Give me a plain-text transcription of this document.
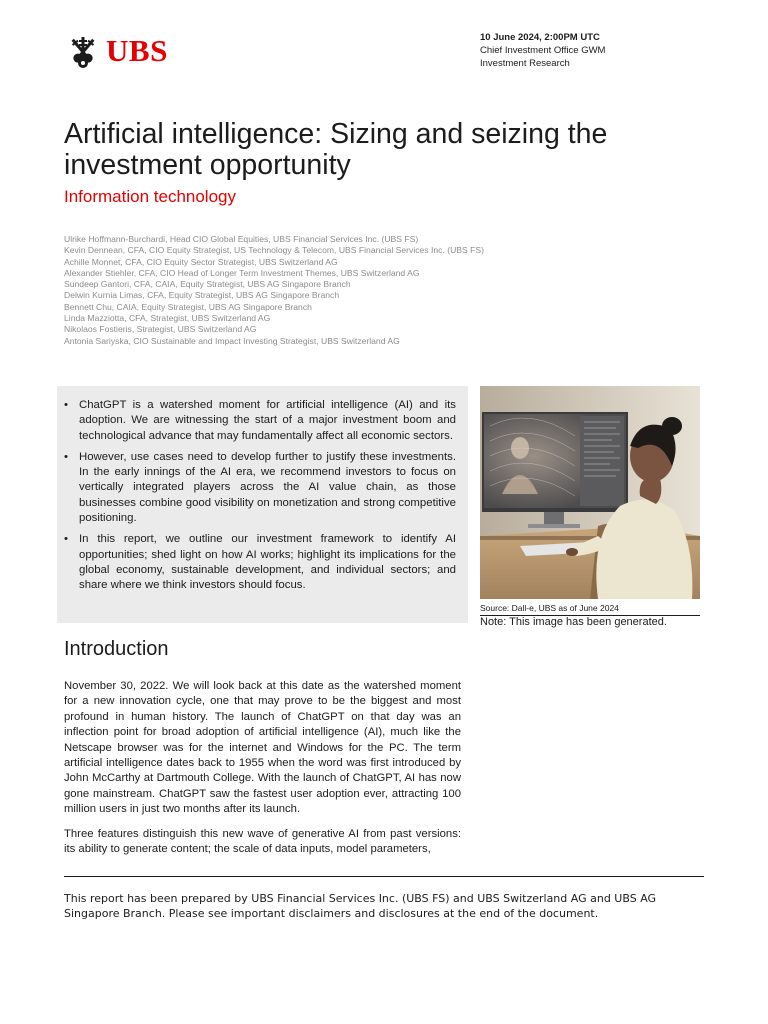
UBS	10 June 2024, 2:00PM UTC
Chief Investment Office GWM
Investment Research
Artificial intelligence: Sizing and seizing the investment opportunity
Information technology
Ulrike Hoffmann-Burchardi, Head CIO Global Equities, UBS Financial Services Inc. (UBS FS)
Kevin Dennean, CFA, CIO Equity Strategist, US Technology & Telecom, UBS Financial Services Inc. (UBS FS)
Achille Monnet, CFA, CIO Equity Sector Strategist, UBS Switzerland AG
Alexander Stiehler, CFA, CIO Head of Longer Term Investment Themes, UBS Switzerland AG
Sundeep Gantori, CFA, CAIA, Equity Strategist, UBS AG Singapore Branch
Delwin Kurnia Limas, CFA, Equity Strategist, UBS AG Singapore Branch
Bennett Chu, CAIA, Equity Strategist, UBS AG Singapore Branch
Linda Mazziotta, CFA, Strategist, UBS Switzerland AG
Nikolaos Fostieris, Strategist, UBS Switzerland AG
Antonia Sariyska, CIO Sustainable and Impact Investing Strategist, UBS Switzerland AG
• ChatGPT is a watershed moment for artificial intelligence (AI) and its adoption. We are witnessing the start of a major investment boom and technological advance that may fundamentally affect all economic sectors.
• However, use cases need to develop further to justify these investments. In the early innings of the AI era, we recommend investors to focus on vertically integrated players across the AI value chain, as those businesses combine good visibility on monetization and strong competitive positioning.
• In this report, we outline our investment framework to identify AI opportunities; shed light on how AI works; highlight its implications for the global economy, sustainable development, and individual sectors; and share where we think investors should focus.
Source: Dall-e, UBS as of June 2024
Note: This image has been generated.
Introduction
November 30, 2022. We will look back at this date as the watershed moment for a new innovation cycle, one that may prove to be the biggest and most profound in human history. The launch of ChatGPT on that day was an inflection point for broad adoption of artificial intelligence (AI), much like the Netscape browser was for the internet and Windows for the PC. The term artificial intelligence dates back to 1955 when the word was first introduced by John McCarthy at Dartmouth College. With the launch of ChatGPT, AI has now gone mainstream. ChatGPT saw the fastest user adoption ever, attracting 100 million users in just two months after its launch.
Three features distinguish this new wave of generative AI from past versions: its ability to generate content; the scale of data inputs, model parameters,
This report has been prepared by UBS Financial Services Inc. (UBS FS) and UBS Switzerland AG and UBS AG Singapore Branch. Please see important disclaimers and disclosures at the end of the document.
